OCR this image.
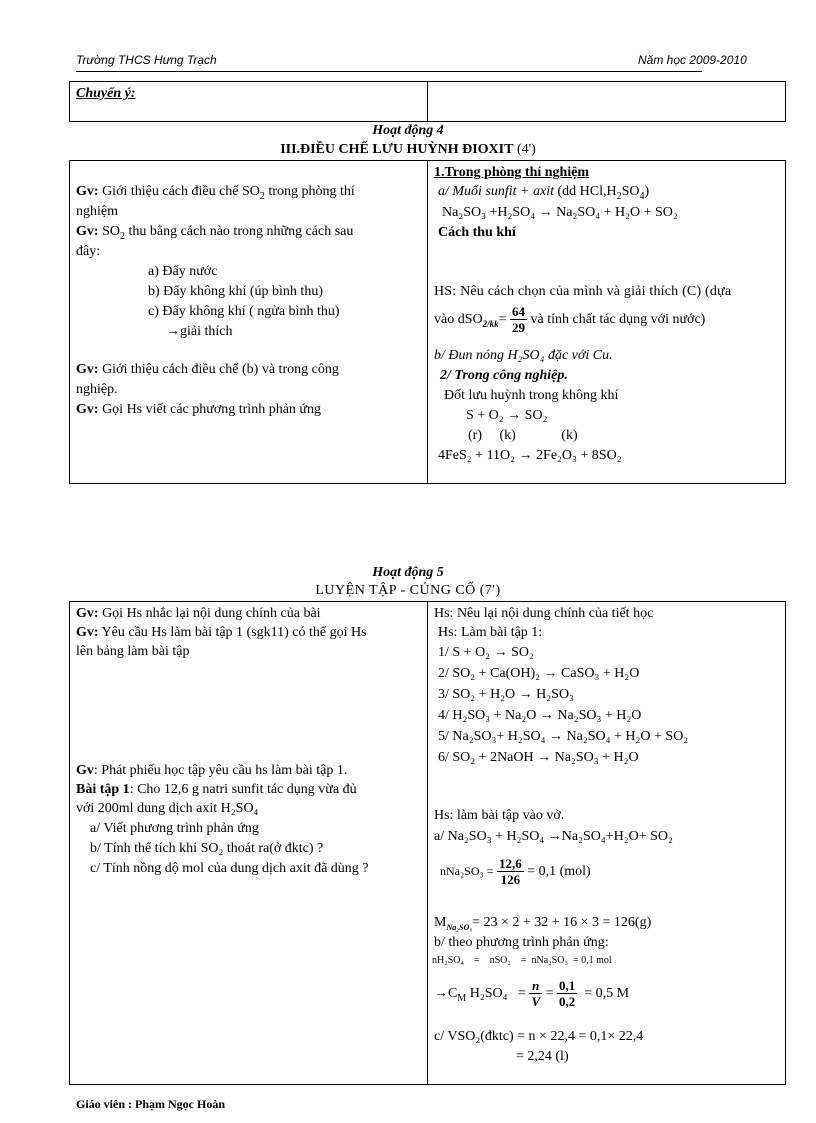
Trường THCS Hưng Trạch	Năm học 2009-2010
Chuyển ý:
Hoạt động 4
III.ĐIỀU CHẾ LƯU HUỲNH ĐIOXIT (4')
Gv: Giới thiệu cách điều chế $SO_2$ trong phòng thí
nghiệm
Gv: $SO_2$ thu bằng cách nào trong những cách sau
đây:
a) Đẩy nước
b) Đẩy không khí (úp bình thu)
c) Đẩy không khí ( ngửa bình thu)
→giải thích
Gv: Giới thiệu cách điều chế (b) và trong công
nghiệp.
Gv: Gọi Hs viết các phương trình phản ứng
1.Trong phòng thí nghiệm
a/ Muối sunfit + axit (dd $HCl,H_2SO_4$)
Na₂SO₃ +H₂SO₄ → Na₂SO₄ + H₂O + SO₂
Cách thu khí
HS: Nêu cách chọn của mình và giải thích (C) (dựa
vào $dSO_{2/kk}= \frac{64}{29}$ và tính chất tác dụng với nước)
b/ Đun nóng H₂SO₄ đặc với Cu.
2/ Trong công nghiệp.
Đốt lưu huỳnh trong không khí
S + O₂ → SO₂
(r)     (k)             (k)
4FeS₂ + 11O₂ → 2Fe₂O₃ + 8SO₂
Hoạt động 5
LUYỆN TẬP - CỦNG CỐ (7')
Gv: Gọi Hs nhắc lại nội dung chính của bài
Gv: Yêu cầu Hs làm bài tập 1 (sgk11) có thể gọi Hs
lên bảng làm bài tập
Gv: Phát phiếu học tập yêu cầu hs làm bài tập 1.
Bài tập 1: Cho 12,6 g natri sunfit tác dụng vừa đủ
với 200ml dung dịch axit H₂SO₄
a/ Viết phương trình phản ứng
b/ Tính thể tích khí SO₂ thoát ra(ở đktc) ?
c/ Tính nồng dộ mol của dung dịch axit đã dùng ?
Hs: Nêu lại nội dung chính của tiết học
Hs: Làm bài tập 1:
1/ S + O₂ → SO₂
2/ SO₂ + Ca(OH)₂ → CaSO₃ + H₂O
3/ SO₂ + H₂O → H₂SO₃
4/ H₂SO₃ + Na₂O → Na₂SO₃ + H₂O
5/ Na₂SO₃+ H₂SO₄ → Na₂SO₄ + H₂O + SO₂
6/ SO₂ + 2NaOH → Na₂SO₃ + H₂O
Hs: làm bài tập vào vở.
a/ Na₂SO₃ + H₂SO₄ →Na₂SO₄+H₂O+ SO₂
$nNa_2SO_3 = \frac{12,6}{126} = 0,1$ (mol)
$M_{Na_2SO_3}= 23 \times 2 + 32 + 16 \times 3 = 126(g)$
b/ theo phương trình phản ứng:
nH₂SO₄    =    nSO₂    =  nNa₂SO₃  = 0,1 mol
$\to C_M$ $H_2SO_4 = \frac{n}{V} = \frac{0,1}{0,2} = 0,5$ M
c/ VSO₂(đktc) = n × 22,4 = 0,1× 22,4
= 2,24 (l)
Giáo viên : Phạm Ngọc Hoàn
